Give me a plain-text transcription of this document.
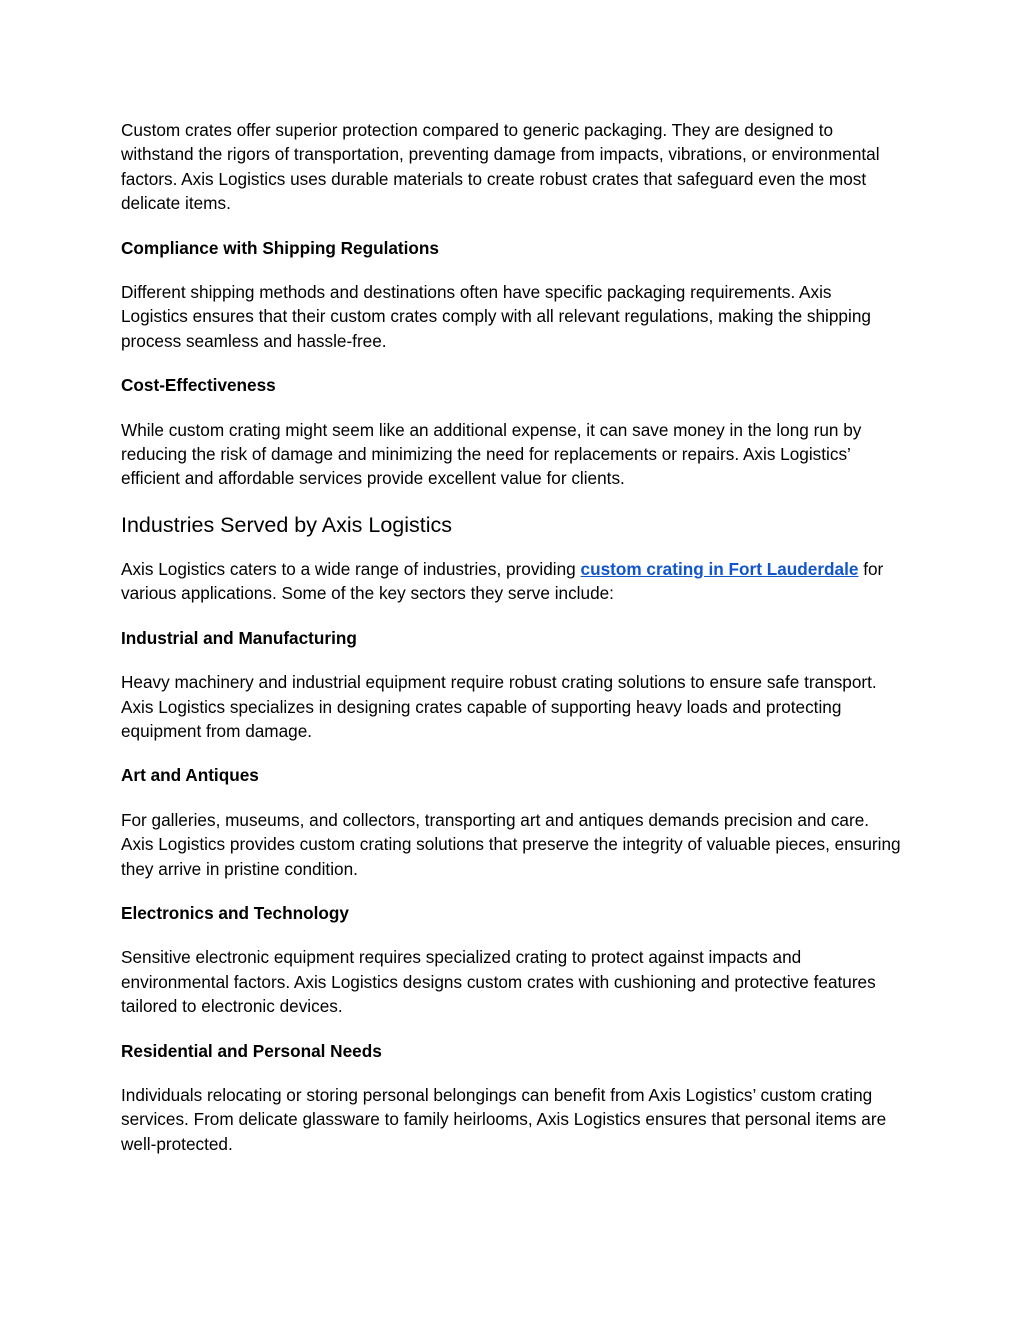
Custom crates offer superior protection compared to generic packaging. They are designed to withstand the rigors of transportation, preventing damage from impacts, vibrations, or environmental factors. Axis Logistics uses durable materials to create robust crates that safeguard even the most delicate items.

Compliance with Shipping Regulations

Different shipping methods and destinations often have specific packaging requirements. Axis Logistics ensures that their custom crates comply with all relevant regulations, making the shipping process seamless and hassle-free.

Cost-Effectiveness

While custom crating might seem like an additional expense, it can save money in the long run by reducing the risk of damage and minimizing the need for replacements or repairs. Axis Logistics’ efficient and affordable services provide excellent value for clients.

Industries Served by Axis Logistics

Axis Logistics caters to a wide range of industries, providing custom crating in Fort Lauderdale for various applications. Some of the key sectors they serve include:

Industrial and Manufacturing

Heavy machinery and industrial equipment require robust crating solutions to ensure safe transport. Axis Logistics specializes in designing crates capable of supporting heavy loads and protecting equipment from damage.

Art and Antiques

For galleries, museums, and collectors, transporting art and antiques demands precision and care. Axis Logistics provides custom crating solutions that preserve the integrity of valuable pieces, ensuring they arrive in pristine condition.

Electronics and Technology

Sensitive electronic equipment requires specialized crating to protect against impacts and environmental factors. Axis Logistics designs custom crates with cushioning and protective features tailored to electronic devices.

Residential and Personal Needs

Individuals relocating or storing personal belongings can benefit from Axis Logistics’ custom crating services. From delicate glassware to family heirlooms, Axis Logistics ensures that personal items are well-protected.
